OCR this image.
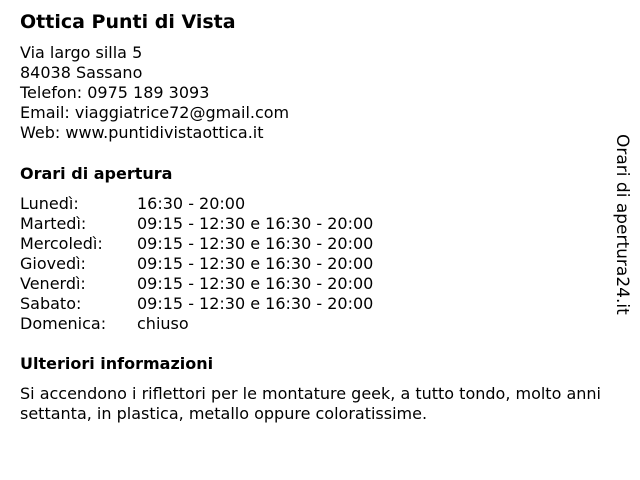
Ottica Punti di Vista
Via largo silla 5
84038 Sassano
Telefon: 0975 189 3093
Email: viaggiatrice72@gmail.com
Web: www.puntidivistaottica.it
Orari di apertura
Lunedì:	16:30 - 20:00
Martedì:	09:15 - 12:30 e 16:30 - 20:00
Mercoledì:	09:15 - 12:30 e 16:30 - 20:00
Giovedì:	09:15 - 12:30 e 16:30 - 20:00
Venerdì:	09:15 - 12:30 e 16:30 - 20:00
Sabato:	09:15 - 12:30 e 16:30 - 20:00
Domenica:	chiuso
Ulteriori informazioni

Si accendono i riflettori per le montature geek, a tutto tondo, molto anni settanta, in plastica, metallo oppure coloratissime.

Orari di apertura24.it
